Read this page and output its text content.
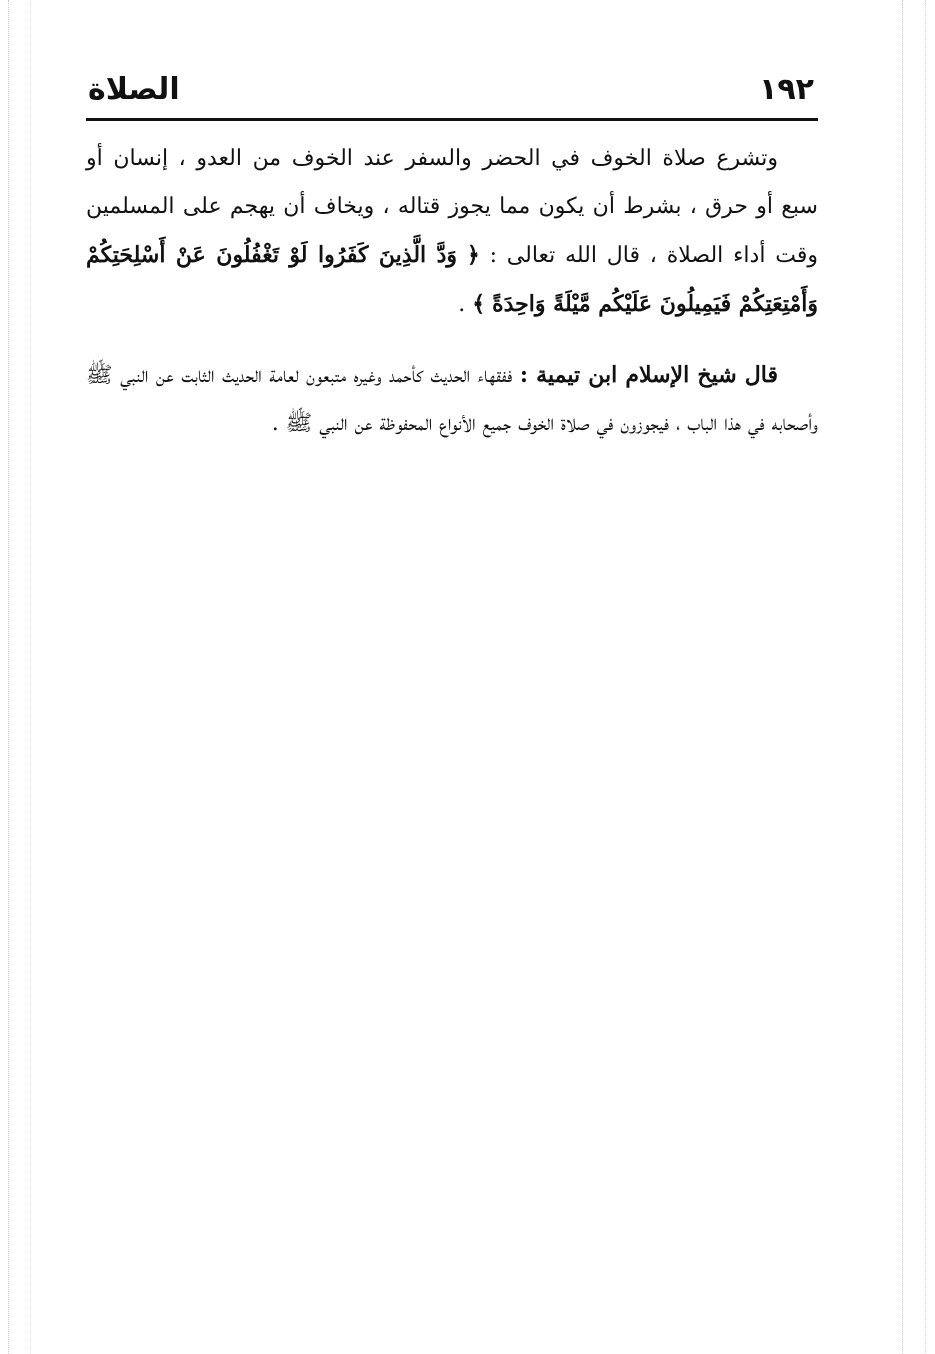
١٩٢
الصلاة

وتشرع صلاة الخوف في الحضر والسفر عند الخوف من العدو ، إنسان أو سبع أو حرق ، بشرط أن يكون مما يجوز قتاله ، ويخاف أن يهجم على المسلمين وقت أداء الصلاة ، قال الله تعالى : ﴿ وَدَّ الَّذِينَ كَفَرُوا لَوْ تَغْفُلُونَ عَنْ أَسْلِحَتِكُمْ وَأَمْتِعَتِكُمْ فَيَمِيلُونَ عَلَيْكُم مَّيْلَةً وَاحِدَةً ﴾ .

قال شيخ الإسلام ابن تيمية : ففقهاء الحديث كأحمد وغيره متبعون لعامة الحديث الثابت عن النبي ﷺ وأصحابه في هذا الباب ، فيجوزون في صلاة الخوف جميع الأنواع المحفوظة عن النبي ﷺ .
